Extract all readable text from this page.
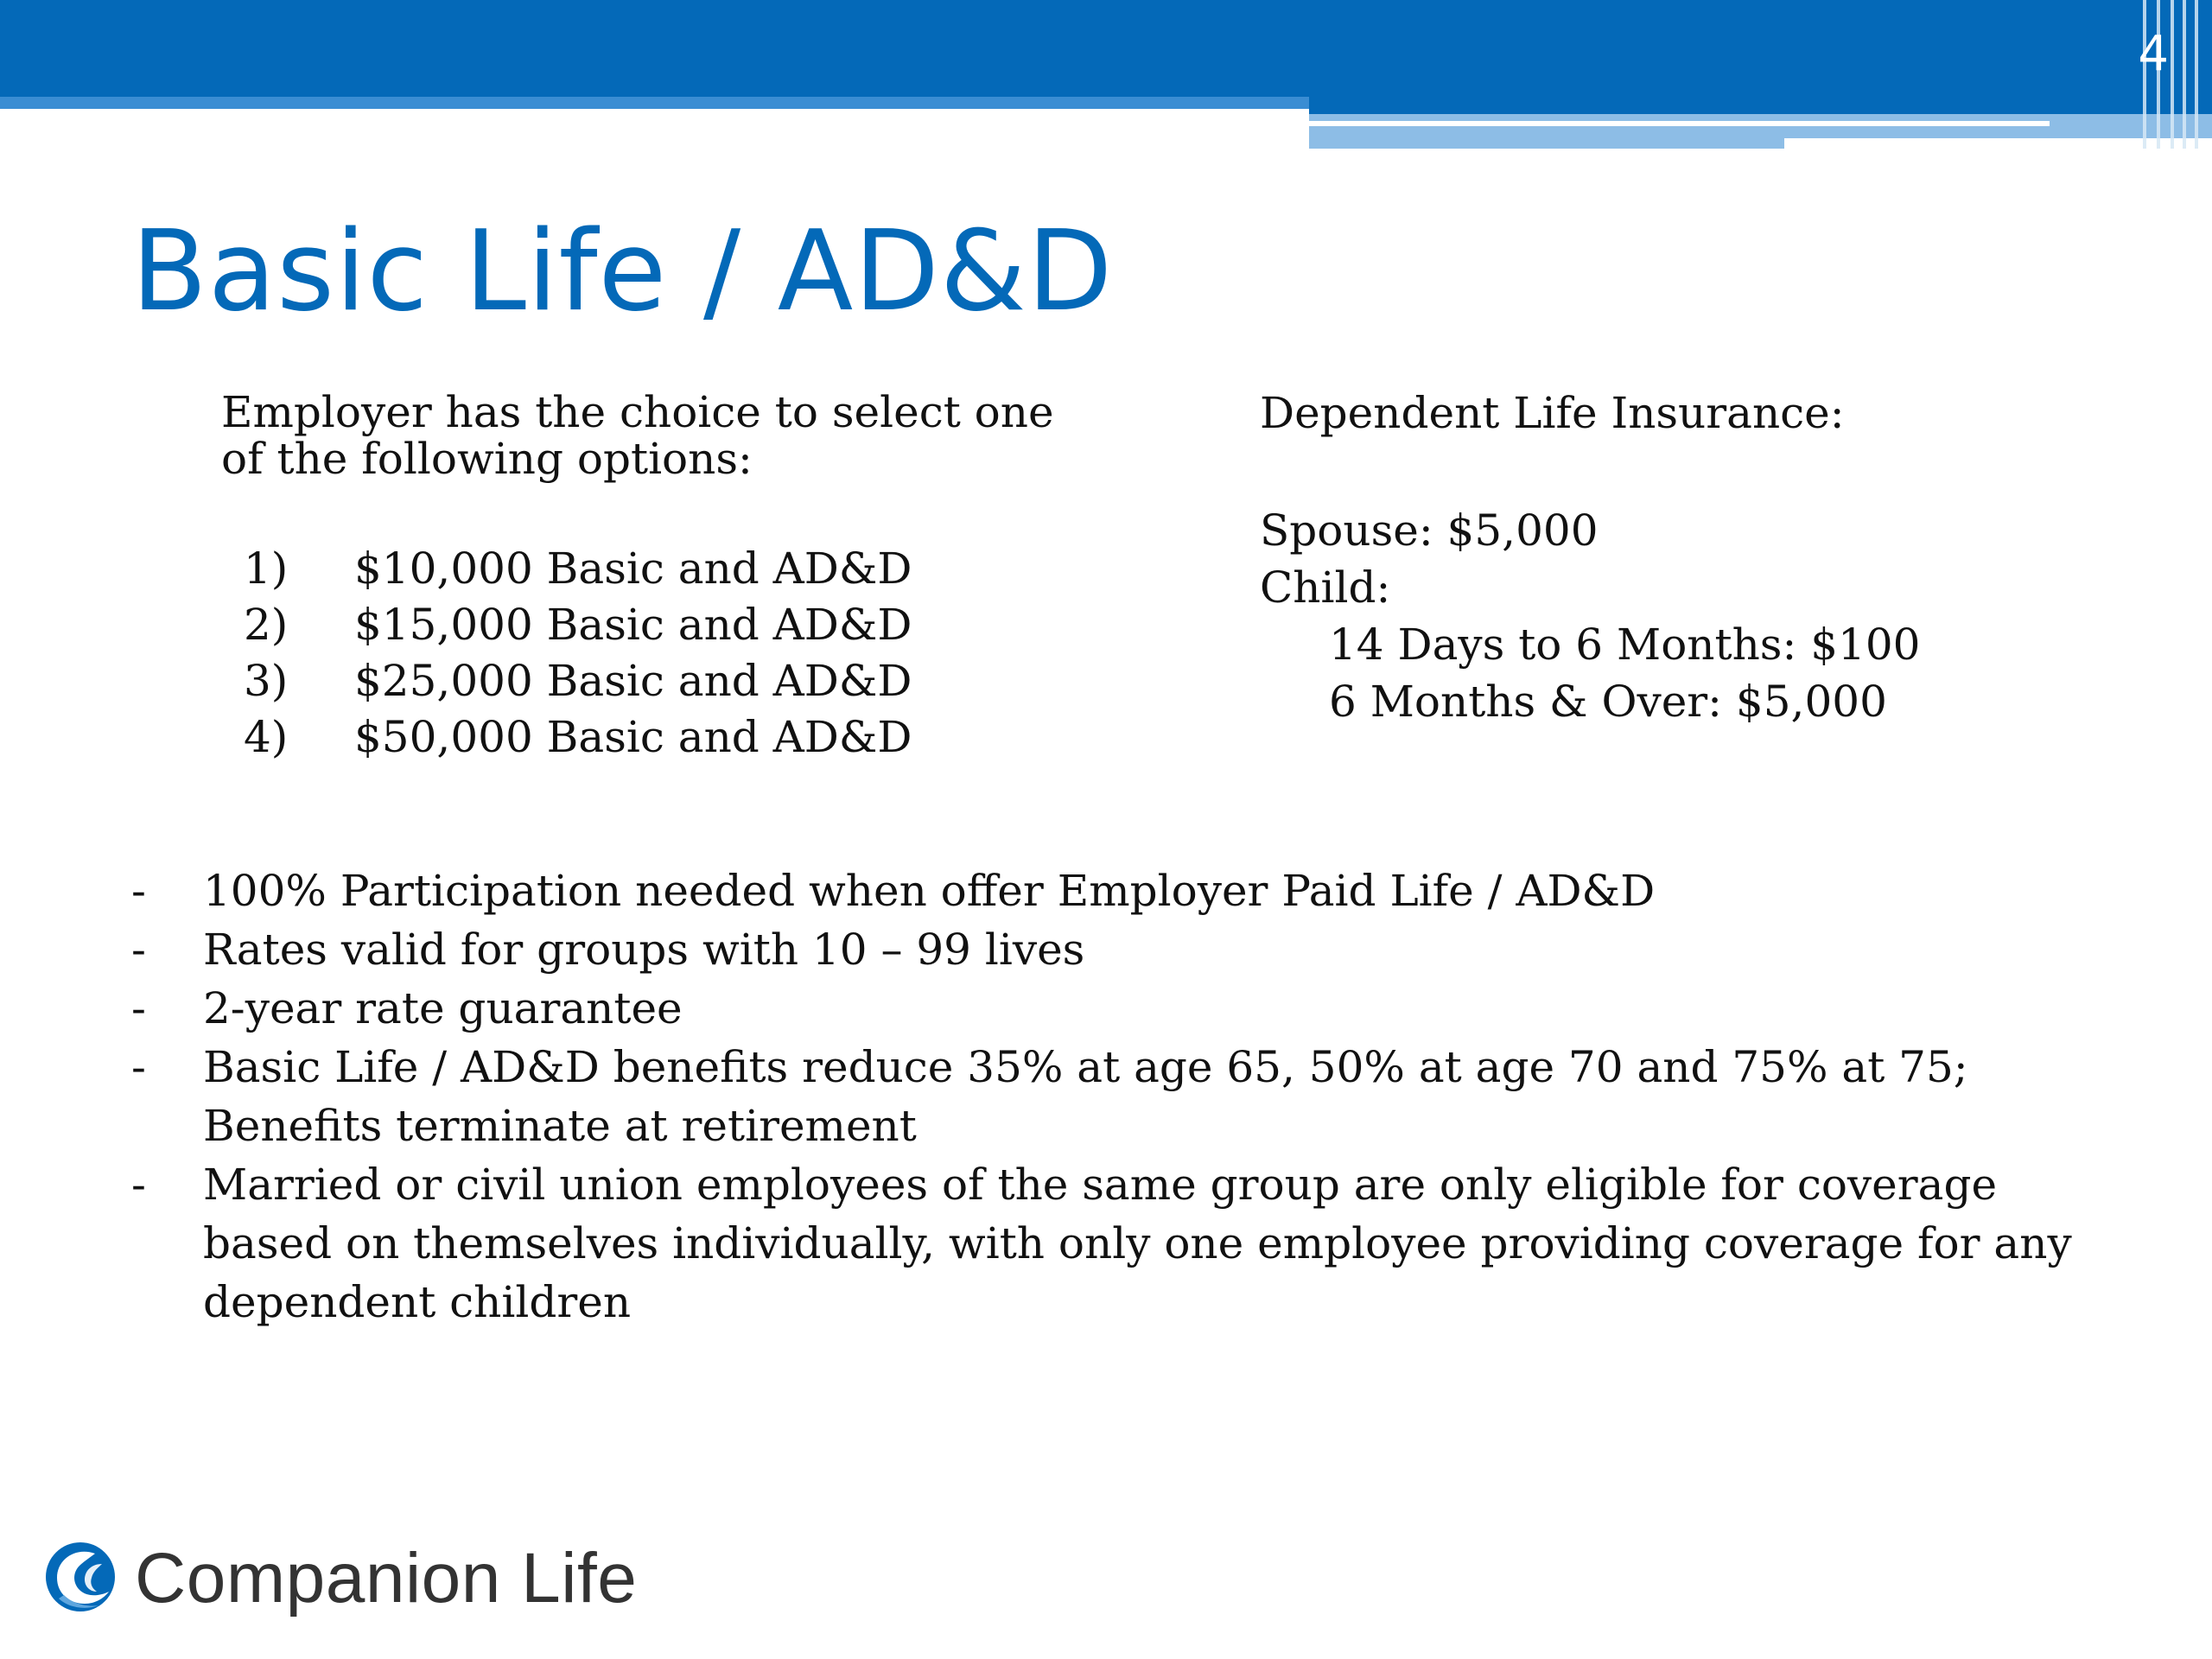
4
Basic Life / AD&D

Employer has the choice to select one
of the following options:

1)	$10,000 Basic and AD&D
2)	$15,000 Basic and AD&D
3)	$25,000 Basic and AD&D
4)	$50,000 Basic and AD&D

Dependent Life Insurance:

Spouse: $5,000

Child:

14 Days to 6 Months: $100

6 Months & Over: $5,000

-	100% Participation needed when offer Employer Paid Life / AD&D
-	Rates valid for groups with 10 – 99 lives
-	2-year rate guarantee
-	Basic Life / AD&D benefits reduce 35% at age 65, 50% at age 70 and 75% at 75; Benefits terminate at retirement
-	Married or civil union employees of the same group are only eligible for coverage based on themselves individually, with only one employee providing coverage for any dependent children
Companion Life
